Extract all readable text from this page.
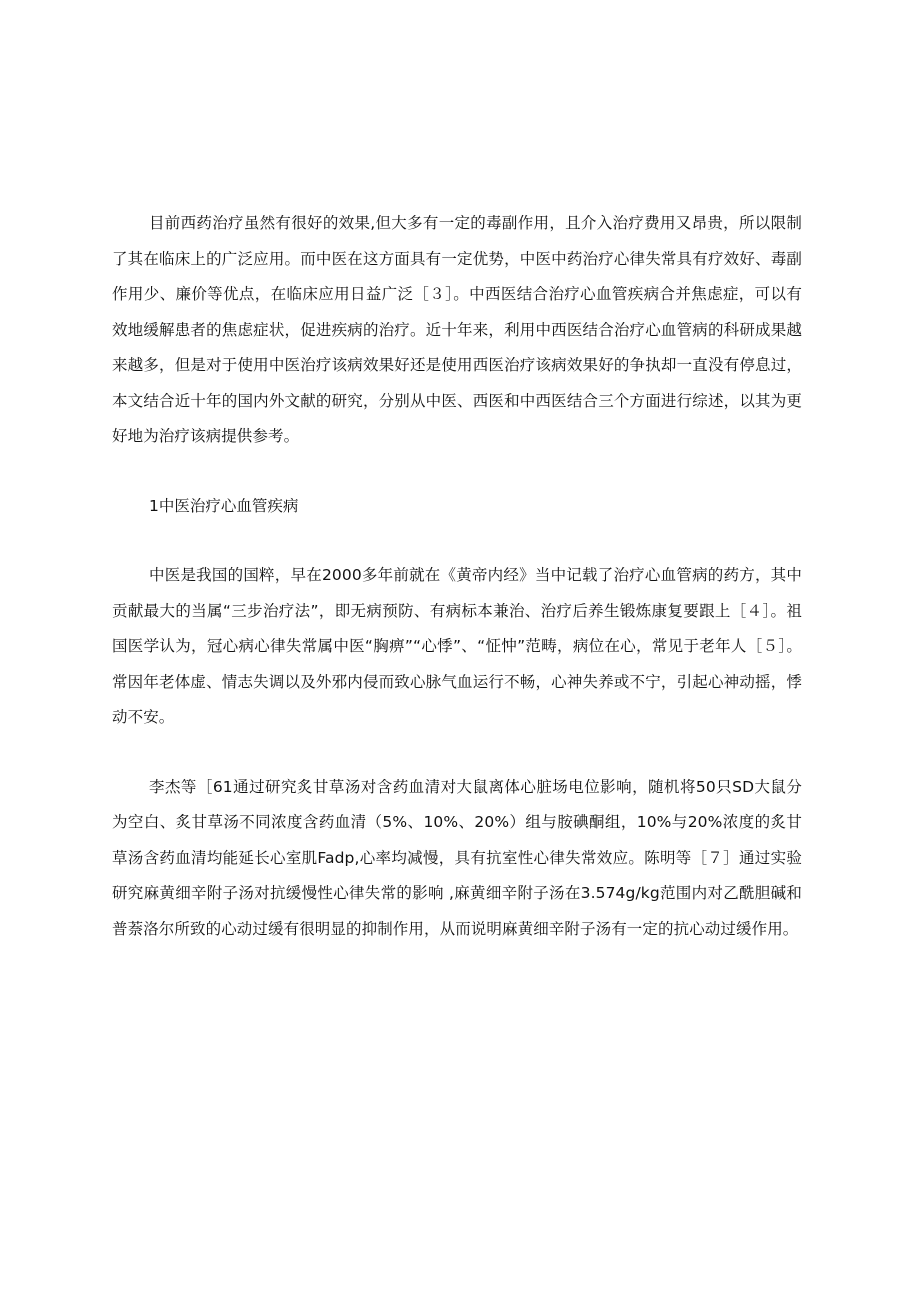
目前西药治疗虽然有很好的效果,但大多有一定的毒副作用，且介入治疗费用又昂贵，所以限制了其在临床上的广泛应用。而中医在这方面具有一定优势，中医中药治疗心律失常具有疗效好、毒副作用少、廉价等优点，在临床应用日益广泛［３］。中西医结合治疗心血管疾病合并焦虑症，可以有效地缓解患者的焦虑症状，促进疾病的治疗。近十年来，利用中西医结合治疗心血管病的科研成果越来越多，但是对于使用中医治疗该病效果好还是使用西医治疗该病效果好的争执却一直没有停息过，本文结合近十年的国内外文献的研究，分别从中医、西医和中西医结合三个方面进行综述，以其为更好地为治疗该病提供参考。

1中医治疗心血管疾病

中医是我国的国粹，早在2000多年前就在《黄帝内经》当中记载了治疗心血管病的药方，其中贡献最大的当属“三步治疗法”，即无病预防、有病标本兼治、治疗后养生锻炼康复要跟上［４］。祖国医学认为，冠心病心律失常属中医“胸痹”“心悸”、“怔忡”范畴，病位在心，常见于老年人［５］。常因年老体虚、情志失调以及外邪内侵而致心脉气血运行不畅，心神失养或不宁，引起心神动摇，悸动不安。

李杰等［61通过研究炙甘草汤对含药血清对大鼠离体心脏场电位影响，随机将50只SD大鼠分为空白、炙甘草汤不同浓度含药血清（5%、10%、20%）组与胺碘酮组，10%与20%浓度的炙甘草汤含药血清均能延长心室肌Fadp,心率均减慢，具有抗室性心律失常效应。陈明等［７］通过实验研究麻黄细辛附子汤对抗缓慢性心律失常的影响 ,麻黄细辛附子汤在3.574g/kg范围内对乙酰胆碱和普萘洛尔所致的心动过缓有很明显的抑制作用，从而说明麻黄细辛附子汤有一定的抗心动过缓作用。
